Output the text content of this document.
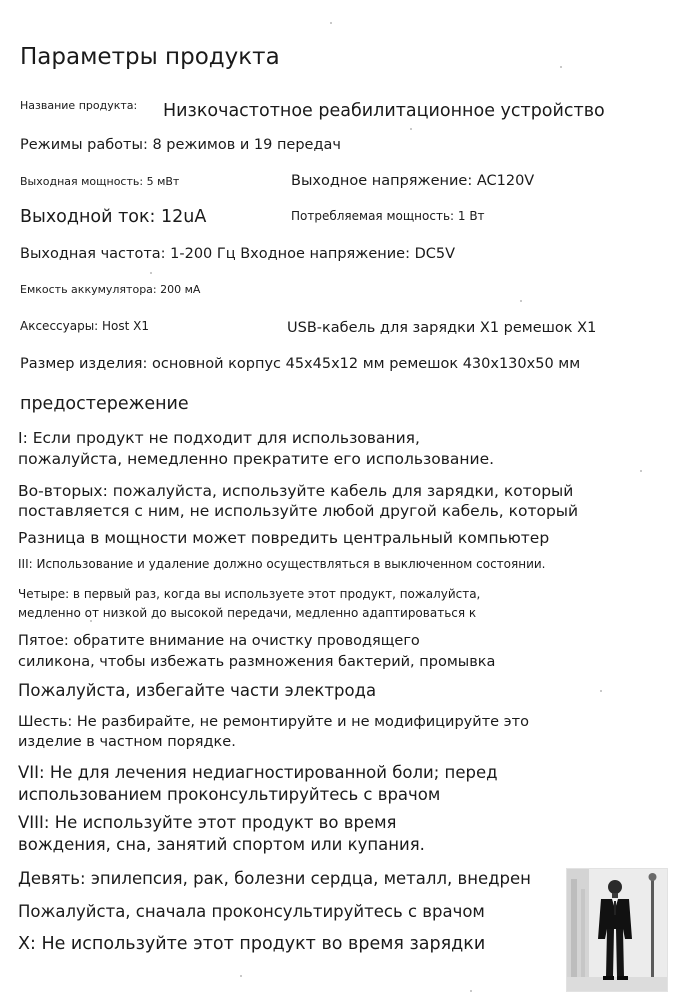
Параметры продукта
Название продукта: Низкочастотное реабилитационное устройство
Режимы работы: 8 режимов и 19 передач
Выходная мощность: 5 мВт	Выходное напряжение: AC120V
Выходной ток: 12uA	Потребляемая мощность: 1 Вт
Выходная частота: 1-200 Гц Входное напряжение: DC5V
Емкость аккумулятора: 200 мА
Аксессуары: Host X1	USB-кабель для зарядки X1 ремешок X1
Размер изделия: основной корпус 45x45x12 мм ремешок 430x130x50 мм
предостережение
I: Если продукт не подходит для использования,
пожалуйста, немедленно прекратите его использование.
Во-вторых: пожалуйста, используйте кабель для зарядки, который
поставляется с ним, не используйте любой другой кабель, который
Разница в мощности может повредить центральный компьютер
III: Использование и удаление должно осуществляться в выключенном состоянии.
Четыре: в первый раз, когда вы используете этот продукт, пожалуйста,
медленно от низкой до высокой передачи, медленно адаптироваться к
Пятое: обратите внимание на очистку проводящего
силикона, чтобы избежать размножения бактерий, промывка
Пожалуйста, избегайте части электрода
Шесть: Не разбирайте, не ремонтируйте и не модифицируйте это
изделие в частном порядке.
VII: Не для лечения недиагностированной боли; перед
использованием проконсультируйтесь с врачом
VIII: Не используйте этот продукт во время
вождения, сна, занятий спортом или купания.
Девять: эпилепсия, рак, болезни сердца, металл, внедрен
Пожалуйста, сначала проконсультируйтесь с врачом
X: Не используйте этот продукт во время зарядки
